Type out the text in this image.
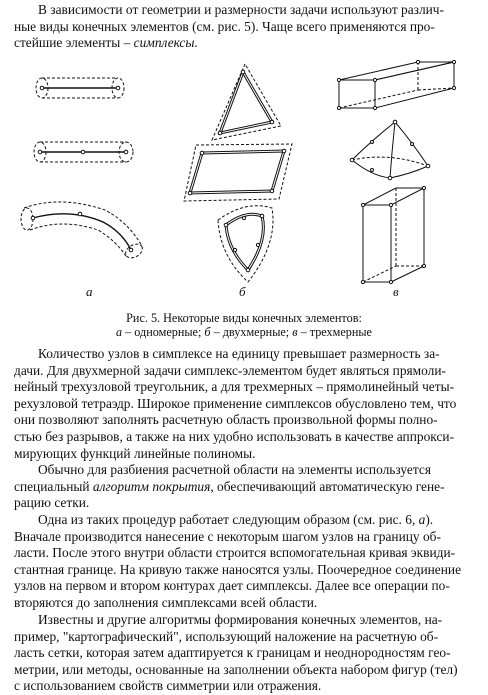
В зависимости от геометрии и размерности задачи используют различ-
ные виды конечных элементов (см. рис. 5). Чаще всего применяются про-
стейшие элементы – симплексы.
а	б	в
Рис. 5. Некоторые виды конечных элементов:
а – одномерные; б – двухмерные; в – трехмерные
Количество узлов в симплексе на единицу превышает размерность за-
дачи. Для двухмерной задачи симплекс-элементом будет являться прямоли-
нейный трехузловой треугольник, а для трехмерных – прямолинейный четы-
рехузловой тетраэдр. Широкое применение симплексов обусловлено тем, что
они позволяют заполнять расчетную область произвольной формы полно-
стью без разрывов, а также на них удобно использовать в качестве аппрокси-
мирующих функций линейные полиномы.
Обычно для разбиения расчетной области на элементы используется
специальный алгоритм покрытия, обеспечивающий автоматическую гене-
рацию сетки.
Одна из таких процедур работает следующим образом (см. рис. 6, а).
Вначале производится нанесение с некоторым шагом узлов на границу об-
ласти. После этого внутри области строится вспомогательная кривая эквиди-
стантная границе. На кривую также наносятся узлы. Поочередное соединение
узлов на первом и втором контурах дает симплексы. Далее все операции по-
вторяются до заполнения симплексами всей области.
Известны и другие алгоритмы формирования конечных элементов, на-
пример, "картографический", использующий наложение на расчетную об-
ласть сетки, которая затем адаптируется к границам и неоднородностям гео-
метрии, или методы, основанные на заполнении объекта набором фигур (тел)
с использованием свойств симметрии или отражения.
